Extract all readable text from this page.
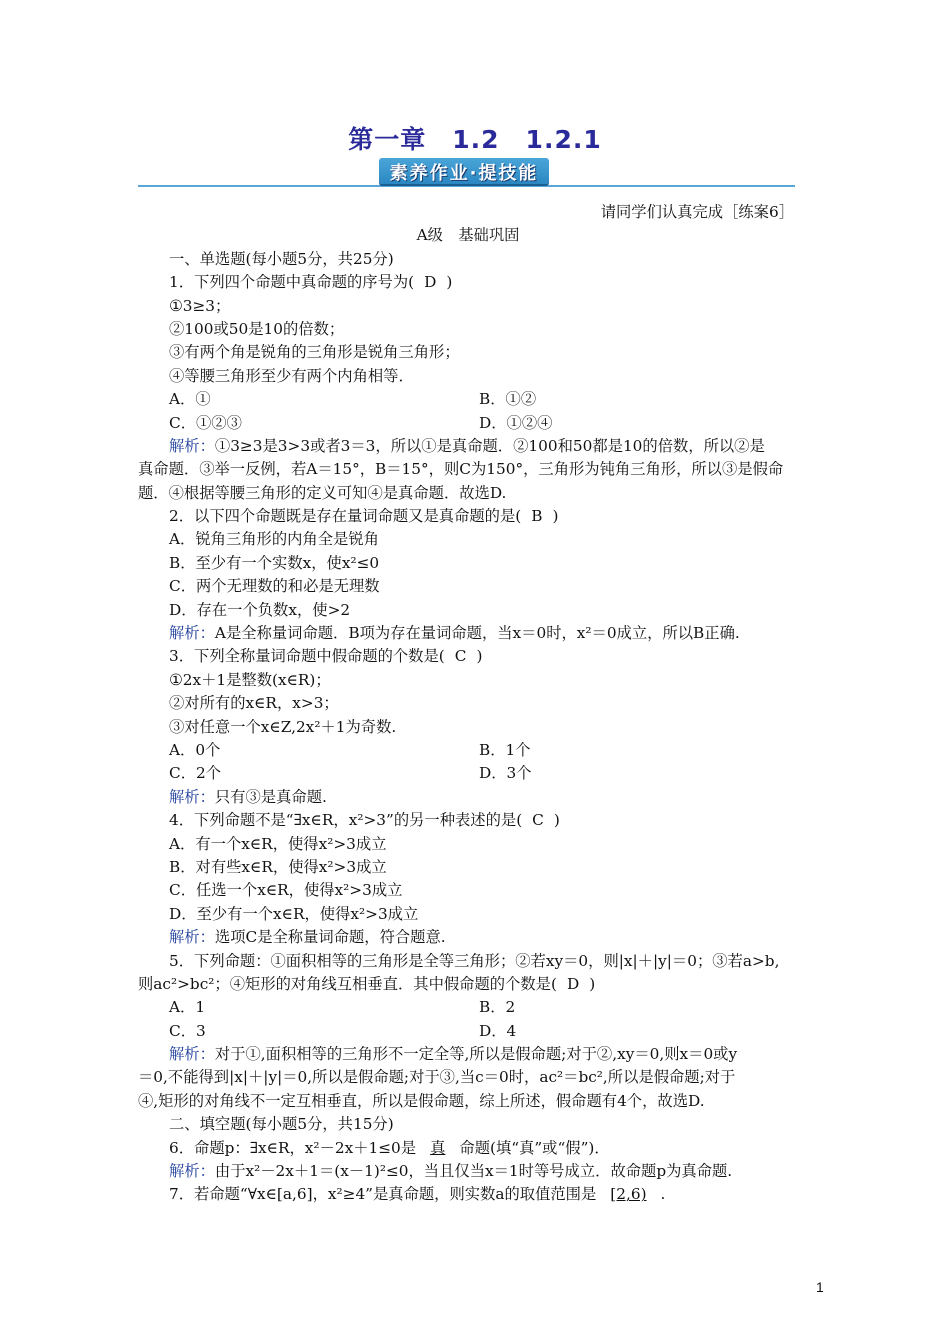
第一章　1.2　1.2.1
素养作业·提技能
请同学们认真完成［练案6］
A级　基础巩固
一、单选题(每小题5分，共25分)
1．下列四个命题中真命题的序号为( D )
①3≥3；
②100或50是10的倍数；
③有两个角是锐角的三角形是锐角三角形；
④等腰三角形至少有两个内角相等．
A．①	B．①②
C．①②③	D．①②④
解析：①3≥3是3>3或者3＝3，所以①是真命题．②100和50都是10的倍数，所以②是
真命题．③举一反例，若A＝15°，B＝15°，则C为150°，三角形为钝角三角形，所以③是假命
题．④根据等腰三角形的定义可知④是真命题．故选D.
2．以下四个命题既是存在量词命题又是真命题的是( B )
A．锐角三角形的内角全是锐角
B．至少有一个实数x，使x²≤0
C．两个无理数的和必是无理数
D．存在一个负数x，使>2
解析：A是全称量词命题．B项为存在量词命题，当x＝0时，x²＝0成立，所以B正确.
3．下列全称量词命题中假命题的个数是( C )
①2x＋1是整数(x∈R)；
②对所有的x∈R，x>3；
③对任意一个x∈Z,2x²＋1为奇数.
A．0个	B．1个
C．2个	D．3个
解析：只有③是真命题.
4．下列命题不是“∃x∈R，x²>3”的另一种表述的是( C )
A．有一个x∈R，使得x²>3成立
B．对有些x∈R，使得x²>3成立
C．任选一个x∈R，使得x²>3成立
D．至少有一个x∈R，使得x²>3成立
解析：选项C是全称量词命题，符合题意.
5．下列命题：①面积相等的三角形是全等三角形；②若xy＝0，则|x|＋|y|＝0；③若a>b,
则ac²>bc²；④矩形的对角线互相垂直．其中假命题的个数是( D )
A．1	B．2
C．3	D．4
解析：对于①,面积相等的三角形不一定全等,所以是假命题;对于②,xy＝0,则x＝0或y
＝0,不能得到|x|＋|y|＝0,所以是假命题;对于③,当c＝0时，ac²＝bc²,所以是假命题;对于
④,矩形的对角线不一定互相垂直，所以是假命题，综上所述，假命题有4个，故选D.
二、填空题(每小题5分，共15分)
6．命题p：∃x∈R，x²－2x＋1≤0是 真 命题(填“真”或“假”)．
解析：由于x²－2x＋1＝(x－1)²≤0，当且仅当x＝1时等号成立．故命题p为真命题.
7．若命题“∀x∈[a,6]，x²≥4”是真命题，则实数a的取值范围是 [2,6) .
1
